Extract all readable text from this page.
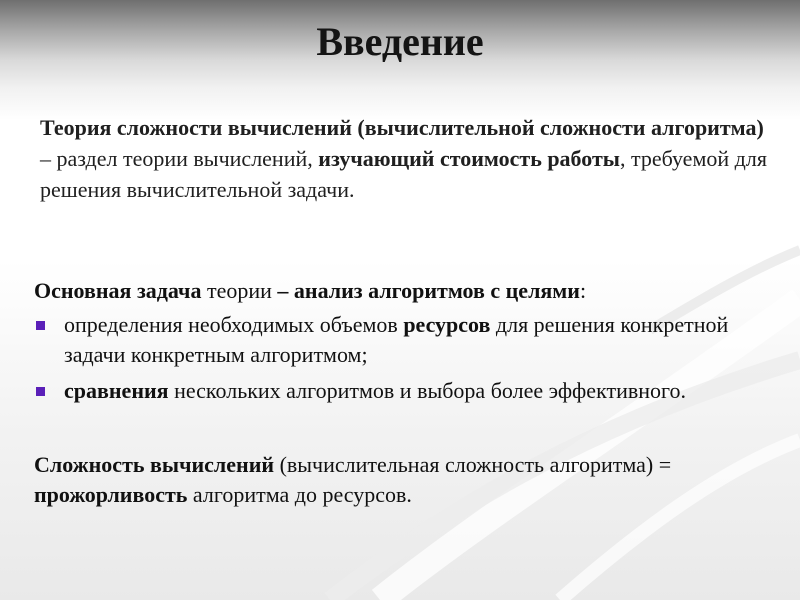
Введение
Теория сложности вычислений (вычислительной сложности алгоритма) – раздел теории вычислений, изучающий стоимость работы, требуемой для решения вычислительной задачи.
Основная задача теории – анализ алгоритмов с целями:
определения необходимых объемов ресурсов для решения конкретной задачи конкретным алгоритмом;
сравнения нескольких алгоритмов и выбора более эффективного.
Сложность вычислений (вычислительная сложность алгоритма) = прожорливость алгоритма до ресурсов.
